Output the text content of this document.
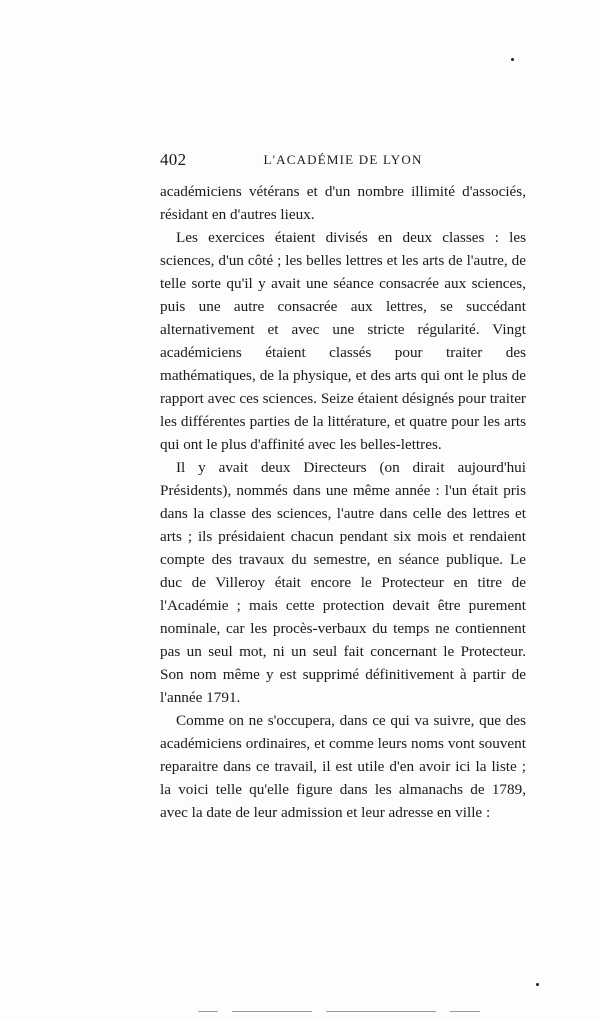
402	L'ACADÉMIE DE LYON

académiciens vétérans et d'un nombre illimité d'associés, résidant en d'autres lieux.

Les exercices étaient divisés en deux classes : les sciences, d'un côté ; les belles lettres et les arts de l'autre, de telle sorte qu'il y avait une séance consacrée aux sciences, puis une autre consacrée aux lettres, se succédant alternativement et avec une stricte régularité. Vingt académiciens étaient classés pour traiter des mathématiques, de la physique, et des arts qui ont le plus de rapport avec ces sciences. Seize étaient désignés pour traiter les différentes parties de la littérature, et quatre pour les arts qui ont le plus d'affinité avec les belles-lettres.

Il y avait deux Directeurs (on dirait aujourd'hui Présidents), nommés dans une même année : l'un était pris dans la classe des sciences, l'autre dans celle des lettres et arts ; ils présidaient chacun pendant six mois et rendaient compte des travaux du semestre, en séance publique. Le duc de Villeroy était encore le Protecteur en titre de l'Académie ; mais cette protection devait être purement nominale, car les procès-verbaux du temps ne contiennent pas un seul mot, ni un seul fait concernant le Protecteur. Son nom même y est supprimé définitivement à partir de l'année 1791.

Comme on ne s'occupera, dans ce qui va suivre, que des académiciens ordinaires, et comme leurs noms vont souvent reparaitre dans ce travail, il est utile d'en avoir ici la liste ; la voici telle qu'elle figure dans les almanachs de 1789, avec la date de leur admission et leur adresse en ville :
